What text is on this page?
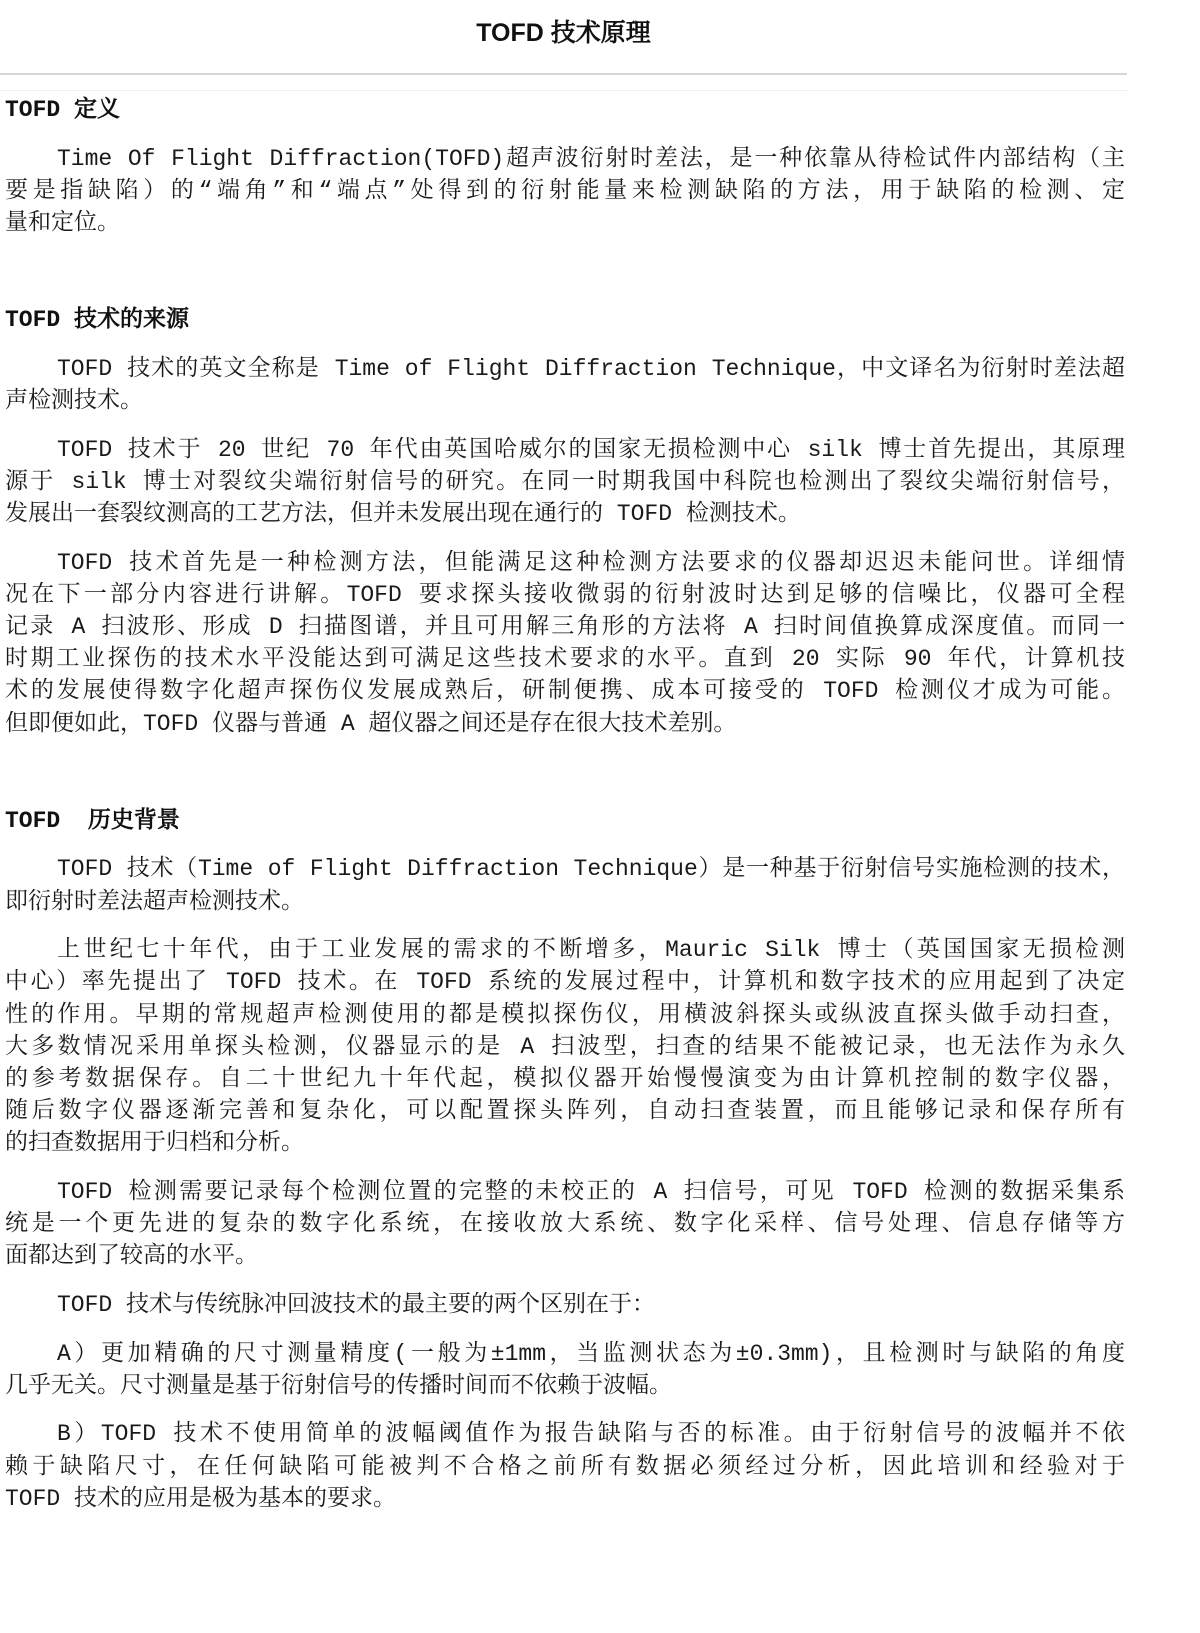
TOFD 技术原理
TOFD 定义
Time Of Flight Diffraction(TOFD)超声波衍射时差法，是一种依靠从待检试件内部结构（主
要是指缺陷）的“端角”和“端点”处得到的衍射能量来检测缺陷的方法，用于缺陷的检测、定
量和定位。
TOFD 技术的来源
TOFD 技术的英文全称是 Time of Flight Diffraction Technique，中文译名为衍射时差法超
声检测技术。
TOFD 技术于 20 世纪 70 年代由英国哈威尔的国家无损检测中心 silk 博士首先提出，其原理
源于 silk 博士对裂纹尖端衍射信号的研究。在同一时期我国中科院也检测出了裂纹尖端衍射信号，
发展出一套裂纹测高的工艺方法，但并未发展出现在通行的 TOFD 检测技术。
TOFD 技术首先是一种检测方法，但能满足这种检测方法要求的仪器却迟迟未能问世。详细情
况在下一部分内容进行讲解。TOFD 要求探头接收微弱的衍射波时达到足够的信噪比，仪器可全程
记录 A 扫波形、形成 D 扫描图谱，并且可用解三角形的方法将 A 扫时间值换算成深度值。而同一
时期工业探伤的技术水平没能达到可满足这些技术要求的水平。直到 20 实际 90 年代，计算机技
术的发展使得数字化超声探伤仪发展成熟后，研制便携、成本可接受的 TOFD 检测仪才成为可能。
但即便如此，TOFD 仪器与普通 A 超仪器之间还是存在很大技术差别。
TOFD  历史背景
TOFD 技术（Time of Flight Diffraction Technique）是一种基于衍射信号实施检测的技术，
即衍射时差法超声检测技术。
上世纪七十年代，由于工业发展的需求的不断增多，Mauric Silk 博士（英国国家无损检测
中心）率先提出了 TOFD 技术。在 TOFD 系统的发展过程中，计算机和数字技术的应用起到了决定
性的作用。早期的常规超声检测使用的都是模拟探伤仪，用横波斜探头或纵波直探头做手动扫查，
大多数情况采用单探头检测，仪器显示的是 A 扫波型，扫查的结果不能被记录，也无法作为永久
的参考数据保存。自二十世纪九十年代起，模拟仪器开始慢慢演变为由计算机控制的数字仪器，
随后数字仪器逐渐完善和复杂化，可以配置探头阵列，自动扫查装置，而且能够记录和保存所有
的扫查数据用于归档和分析。
TOFD 检测需要记录每个检测位置的完整的未校正的 A 扫信号，可见 TOFD 检测的数据采集系
统是一个更先进的复杂的数字化系统，在接收放大系统、数字化采样、信号处理、信息存储等方
面都达到了较高的水平。
TOFD 技术与传统脉冲回波技术的最主要的两个区别在于：
A）更加精确的尺寸测量精度(一般为±1mm，当监测状态为±0.3mm)，且检测时与缺陷的角度
几乎无关。尺寸测量是基于衍射信号的传播时间而不依赖于波幅。
B）TOFD 技术不使用简单的波幅阈值作为报告缺陷与否的标准。由于衍射信号的波幅并不依
赖于缺陷尺寸，在任何缺陷可能被判不合格之前所有数据必须经过分析，因此培训和经验对于
TOFD 技术的应用是极为基本的要求。
